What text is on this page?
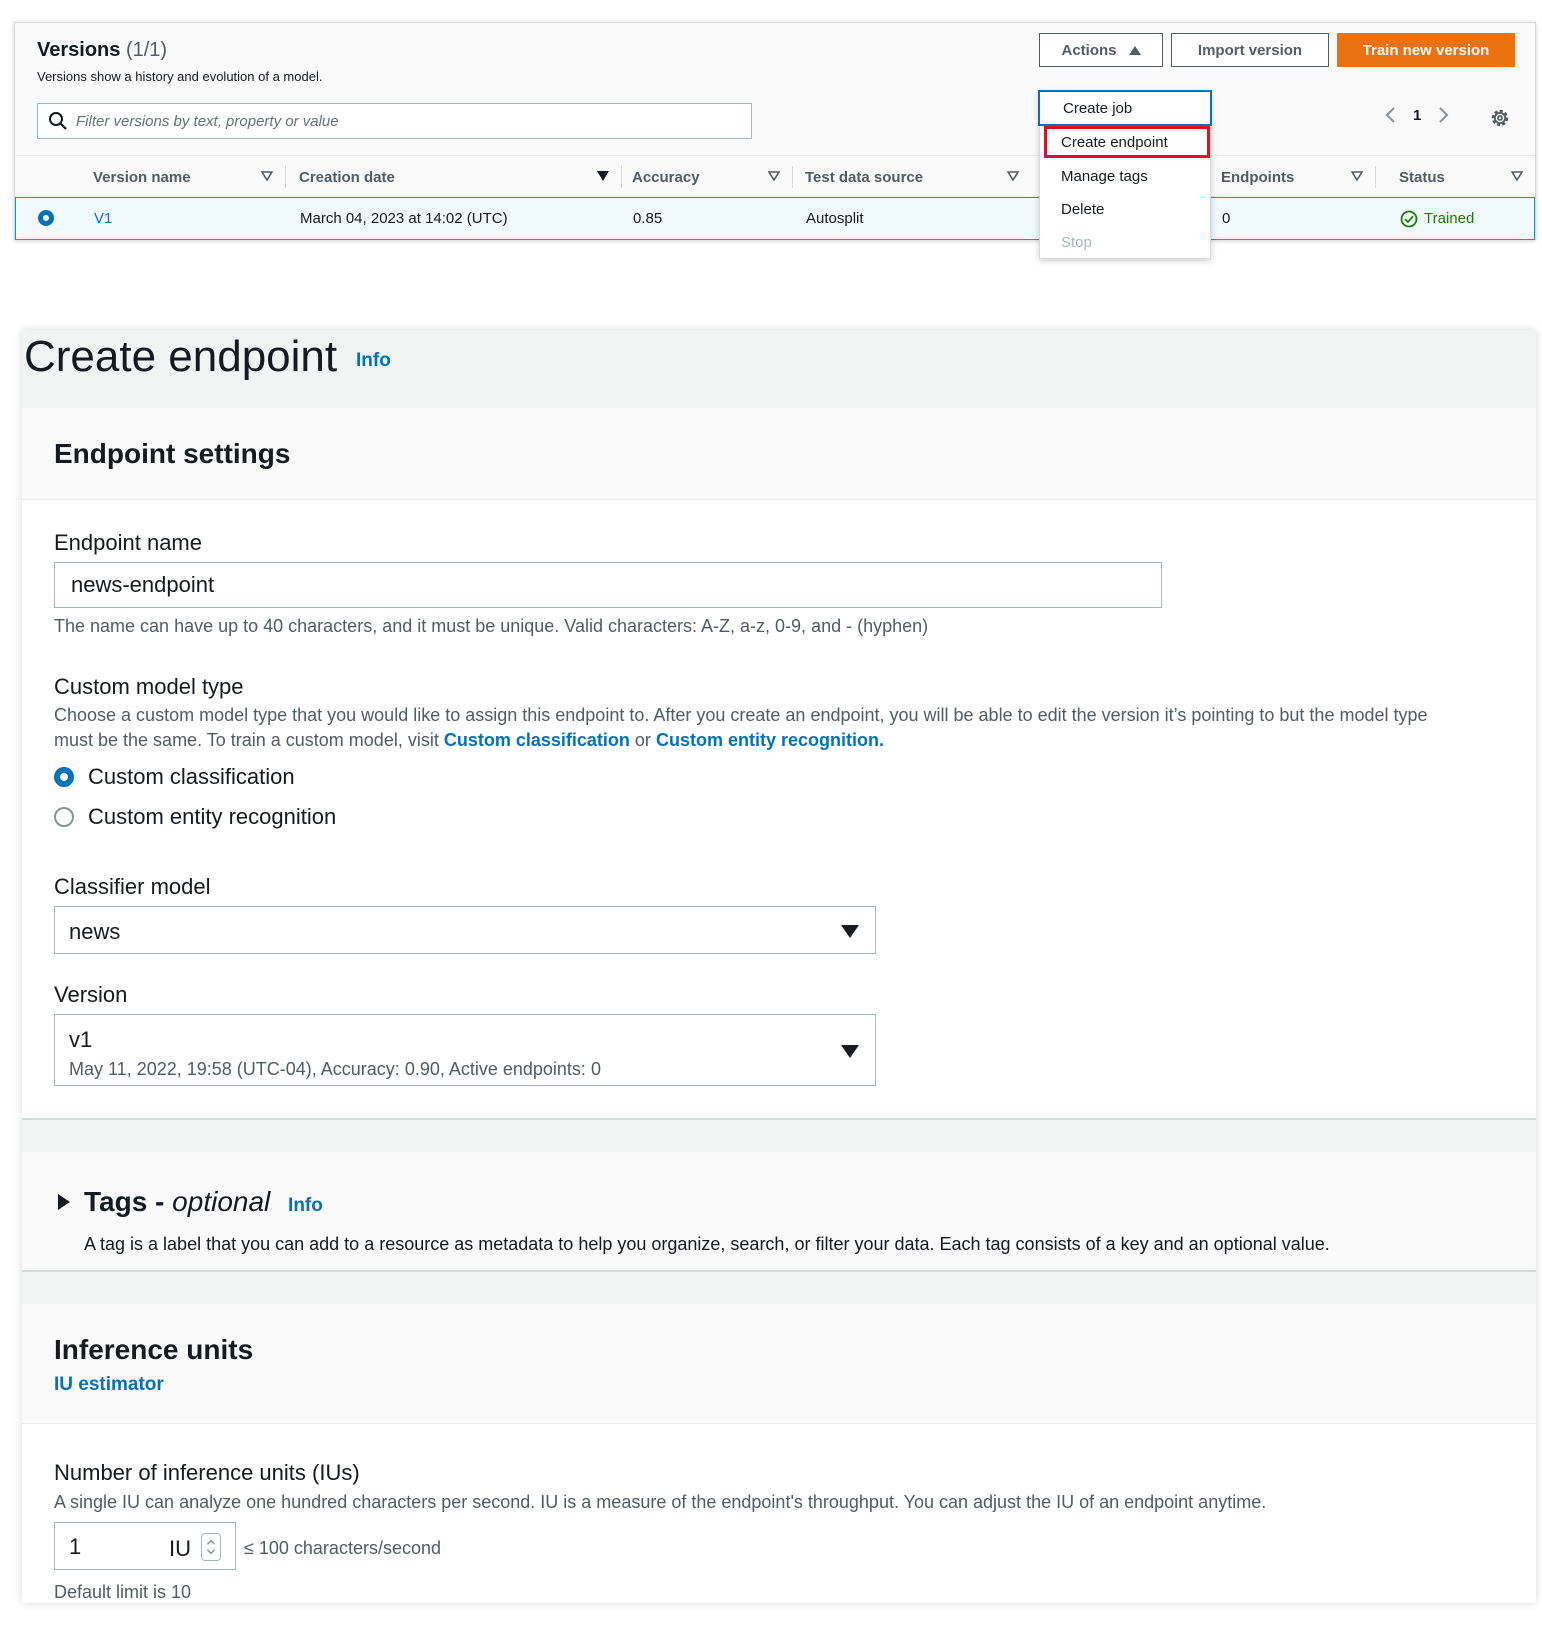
Versions (1/1)
Versions show a history and evolution of a model.
Filter versions by text, property or value
Actions	Import version	Train new version
1
Version name	Creation date	Accuracy	Test data source	Endpoints	Status
V1	March 04, 2023 at 14:02 (UTC)	0.85	Autosplit	0	Trained
Create job
Create endpoint
Manage tags
Delete
Stop
Create endpoint Info
Endpoint settings
Endpoint name
news-endpoint
The name can have up to 40 characters, and it must be unique. Valid characters: A-Z, a-z, 0-9, and - (hyphen)
Custom model type
Choose a custom model type that you would like to assign this endpoint to. After you create an endpoint, you will be able to edit the version it’s pointing to but the model type
must be the same. To train a custom model, visit Custom classification or Custom entity recognition.
Custom classification
Custom entity recognition
Classifier model
news
Version
v1
May 11, 2022, 19:58 (UTC-04), Accuracy: 0.90, Active endpoints: 0
Tags - optional Info
A tag is a label that you can add to a resource as metadata to help you organize, search, or filter your data. Each tag consists of a key and an optional value.
Inference units
IU estimator
Number of inference units (IUs)
A single IU can analyze one hundred characters per second. IU is a measure of the endpoint's throughput. You can adjust the IU of an endpoint anytime.
1	IU	≤ 100 characters/second
Default limit is 10
